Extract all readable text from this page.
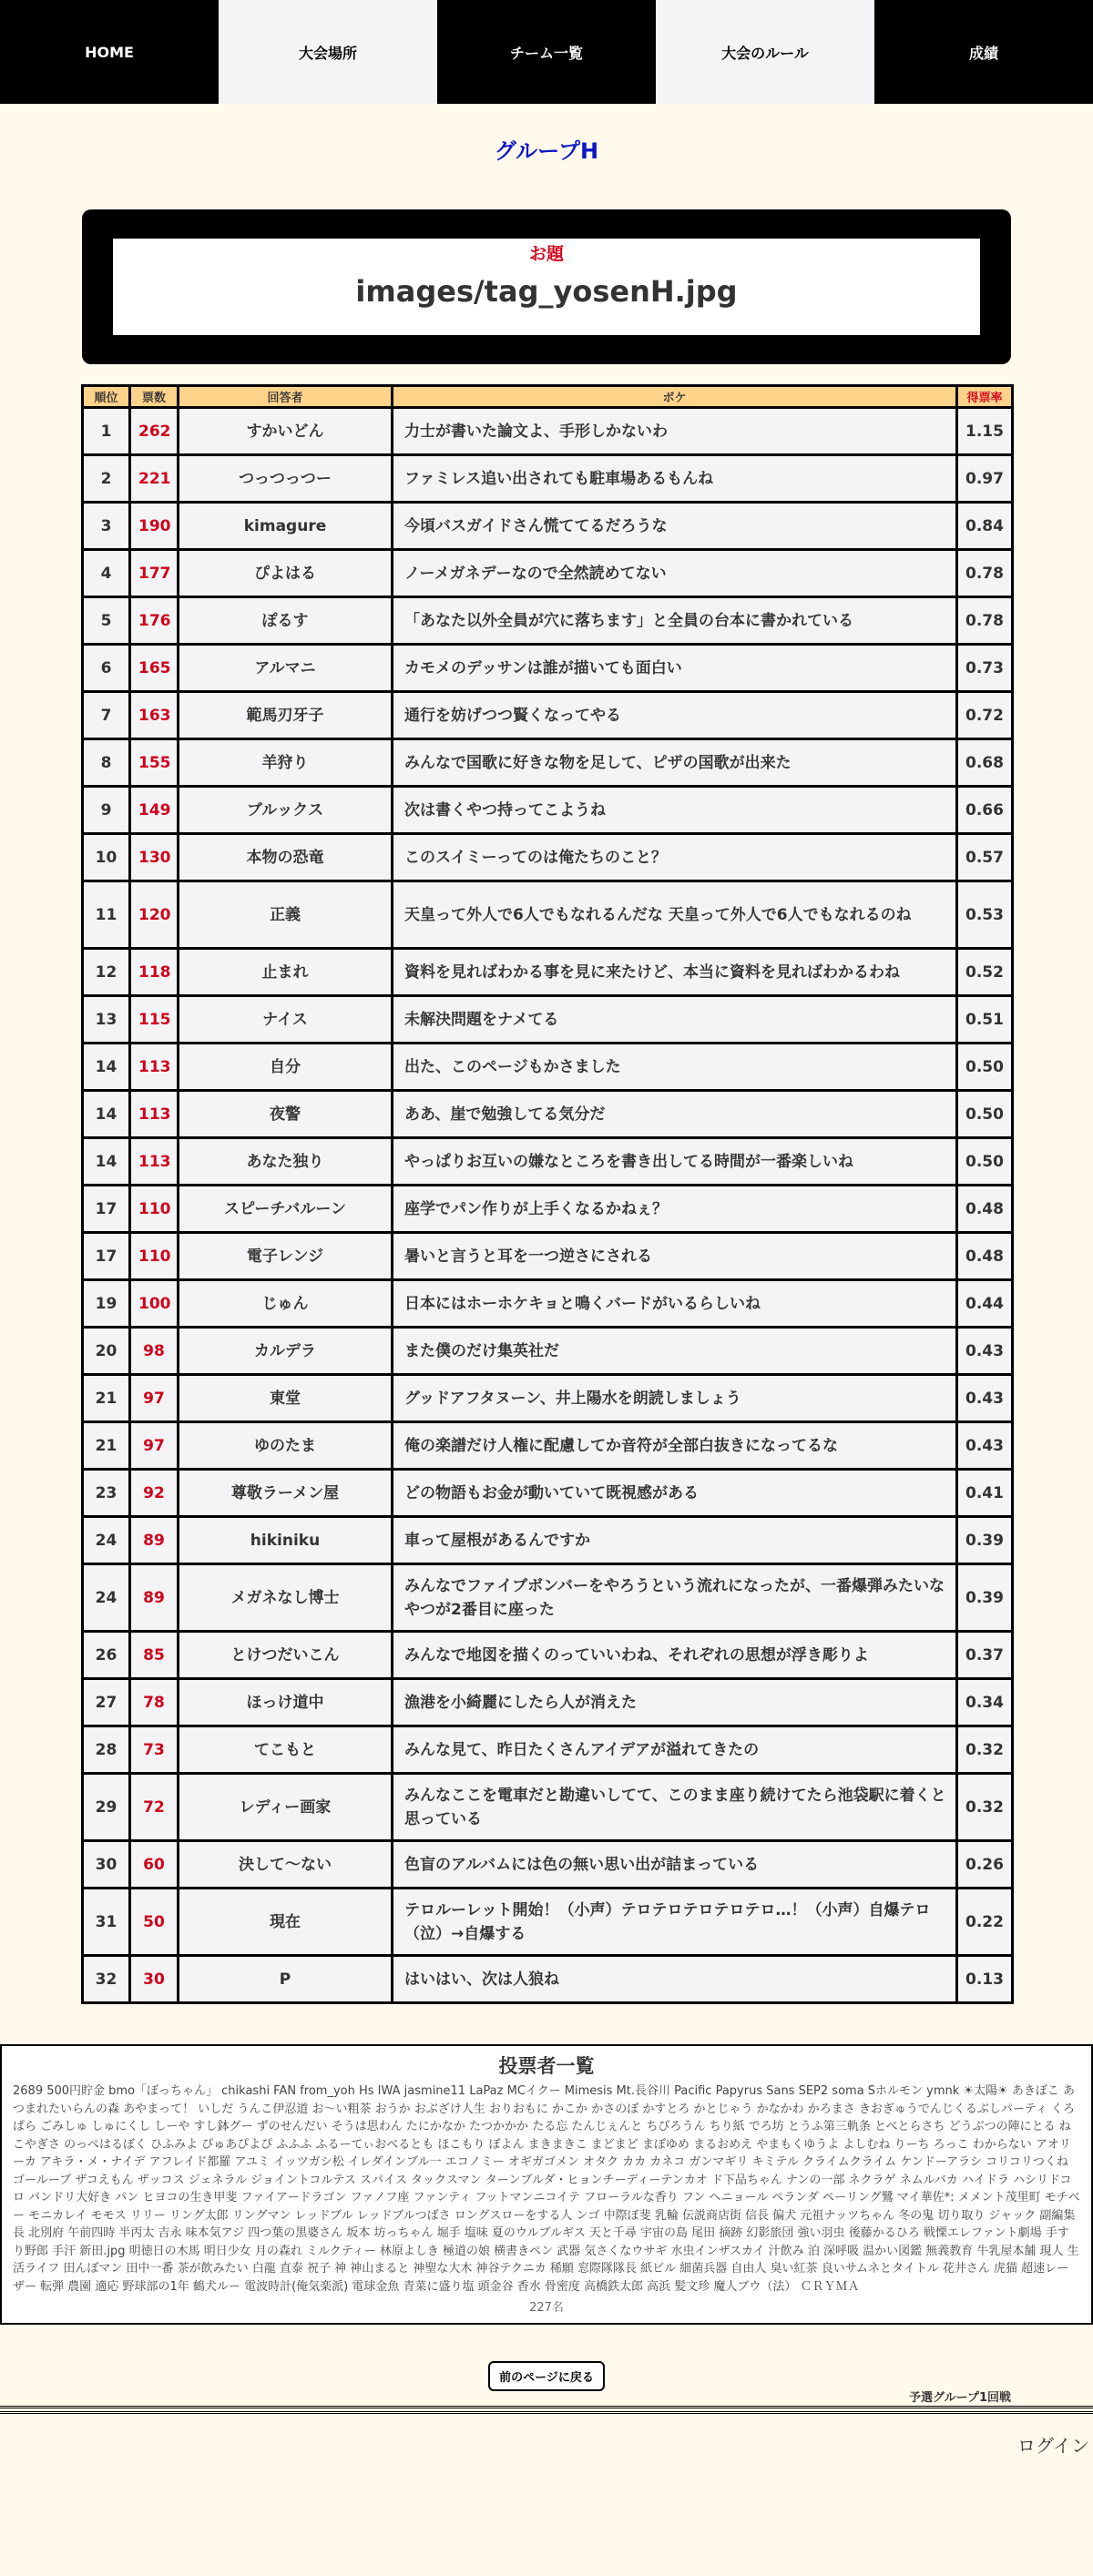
HOME	大会場所	チーム一覧	大会のルール	成績
グループH
お題
images/tag_yosenH.jpg
順位	票数	回答者	ボケ	得票率
1	262	すかいどん	力士が書いた論文よ、手形しかないわ	1.15
2	221	つっつっつー	ファミレス追い出されても駐車場あるもんね	0.97
3	190	kimagure	今頃バスガイドさん慌ててるだろうな	0.84
4	177	ぴよはる	ノーメガネデーなので全然読めてない	0.78
5	176	ぽるす	「あなた以外全員が穴に落ちます」と全員の台本に書かれている	0.78
6	165	アルマニ	カモメのデッサンは誰が描いても面白い	0.73
7	163	範馬刃牙子	通行を妨げつつ賢くなってやる	0.72
8	155	羊狩り	みんなで国歌に好きな物を足して、ピザの国歌が出来た	0.68
9	149	ブルックス	次は書くやつ持ってこようね	0.66
10	130	本物の恐竜	このスイミーってのは俺たちのこと？	0.57
11	120	正義	天皇って外人で6人でもなれるんだな 天皇って外人で6人でもなれるのね	0.53
12	118	止まれ	資料を見ればわかる事を見に来たけど、本当に資料を見ればわかるわね	0.52
13	115	ナイス	未解決問題をナメてる	0.51
14	113	自分	出た、このページもかさました	0.50
14	113	夜警	ああ、崖で勉強してる気分だ	0.50
14	113	あなた独り	やっぱりお互いの嫌なところを書き出してる時間が一番楽しいね	0.50
17	110	スピーチバルーン	座学でパン作りが上手くなるかねぇ？	0.48
17	110	電子レンジ	暑いと言うと耳を一つ逆さにされる	0.48
19	100	じゅん	日本にはホーホケキョと鳴くバードがいるらしいね	0.44
20	98	カルデラ	また僕のだけ集英社だ	0.43
21	97	東堂	グッドアフタヌーン、井上陽水を朗読しましょう	0.43
21	97	ゆのたま	俺の楽譜だけ人権に配慮してか音符が全部白抜きになってるな	0.43
23	92	尊敬ラーメン屋	どの物語もお金が動いていて既視感がある	0.41
24	89	hikiniku	車って屋根があるんですか	0.39
24	89	メガネなし博士	みんなでファイブボンバーをやろうという流れになったが、一番爆弾みたいなやつが2番目に座った	0.39
26	85	とけつだいこん	みんなで地図を描くのっていいわね、それぞれの思想が浮き彫りよ	0.37
27	78	ほっけ道中	漁港を小綺麗にしたら人が消えた	0.34
28	73	てこもと	みんな見て、昨日たくさんアイデアが溢れてきたの	0.32
29	72	レディー画家	みんなここを電車だと勘違いしてて、このまま座り続けてたら池袋駅に着くと思っている	0.32
30	60	決して〜ない	色盲のアルバムには色の無い思い出が詰まっている	0.26
31	50	現在	テロルーレット開始！（小声）テロテロテロテロテロ…！（小声）自爆テロ（泣）→自爆する	0.22
32	30	P	はいはい、次は人狼ね	0.13
投票者一覧
2689 500円貯金 bmo「ぼっちゃん」 chikashi FAN from_yoh Hs IWA jasmine11 LaPaz MCイクー Mimesis Mt.長谷川 Pacific Papyrus Sans SEP2 soma Sホルモン ymnk ☀太陽☀ あきぼこ あつまれたいらんの森 あやまって！ いしだ うんこ伊忍道 お〜い粗茶 おうか おぶざけ人生 おりおもに かこか かさのぼ かすとろ かとじゃう かなかわ かろまさ きおぎゅうでんじくるぶしパーティ くろぱら ごみしゅ しゅにくし しーや すし鉢グー ずのせんだい そうは思わん たにかなか たつかかか たる忘 たんじぇんと ちびろうん ちり紙 でろ坊 とうふ第三軌条 とべとらさち どうぶつの陣にとる ねこやぎさ のっぺはるぼく ひふみよ ぴゅあぴよぴ ふふふ ふるーてぃおべるとも ほこもり ぼよん まきまきこ まどまど まぼゆめ まるおめえ やまもくゆうよ よしむね りーち ろっこ わからない アオリーカ アキラ・メ・ナイデ アフレイド都羅 アユミ イッツガシ松 イレダインブル一 エコノミー オギガゴメン オタク カカ カネコ ガンマギリ キミテル クライムクライム ケンドーアラシ コリコリつくね ゴールーブ ザコえもん ザッコス ジェネラル ジョイントコルテス スパイス タックスマン ターンブルダ・ヒョンチーディーテンカオ ド下品ちゃん ナンの一部 ネクラゲ ネムルバカ ハイドラ ハシリドコロ バンドリ大好き パン ヒヨコの生き甲斐 ファイアードラゴン ファノフ座 ファンティ フットマンニコイテ フローラルな香り フン ヘニョール ペランダ ペーリング鷺 マイ華佐*: メメント茂里町 モチベー モニカレイ モモス リリー リング太郎 リングマン レッドブル レッドブルつばさ ロングスローをする人 ンゴ 中際ぼ斐 乳輪 伝説商店街 信長 偏犬 元祖ナッツちゃん 冬の鬼 切り取り ジャック 副編集長 北別府 午前四時 半丙太 吉永 味本気アジ 四つ葉の黒婆さん 坂本 坊っちゃん 堀手 塩味 夏のウルブルギス 天と千尋 宇宙の島 尾田 摘跡 幻影旅団 強い羽虫 後藤かるひろ 戦慄エレファント劇場 手すり野郎 手汗 新田.jpg 明徳日の木馬 明日少女 月の森れ ミルクティー 林原よしき 極道の娘 横書きペン 武器 気さくなウサギ 水虫インザスカイ 汁飲み 泊 深呼吸 温かい図鑑 無義教育 牛乳屋本舗 現人 生活ライフ 田んぼマン 田中一番 茶が飲みたい 白龍 直泰 祝子 神 神山まると 神聖な大木 神谷テクニカ 稀願 窓際隊隊長 紙ビル 細菌兵器 自由人 臭い紅茶 良いサムネとタイトル 花井さん 虎猫 超速レーザー 転弾 農園 適応 野球部の1年 鶴犬ルー 電波時計(俺気楽派) 電球金魚 青菜に盛り塩 頭金谷 香水 骨密度 高橋鉄太郎 高浜 髪文珍 魔人ブウ（法） ＣＲＹＭＡ
227名
前のページに戻る
予選グループ1回戦
ログイン
